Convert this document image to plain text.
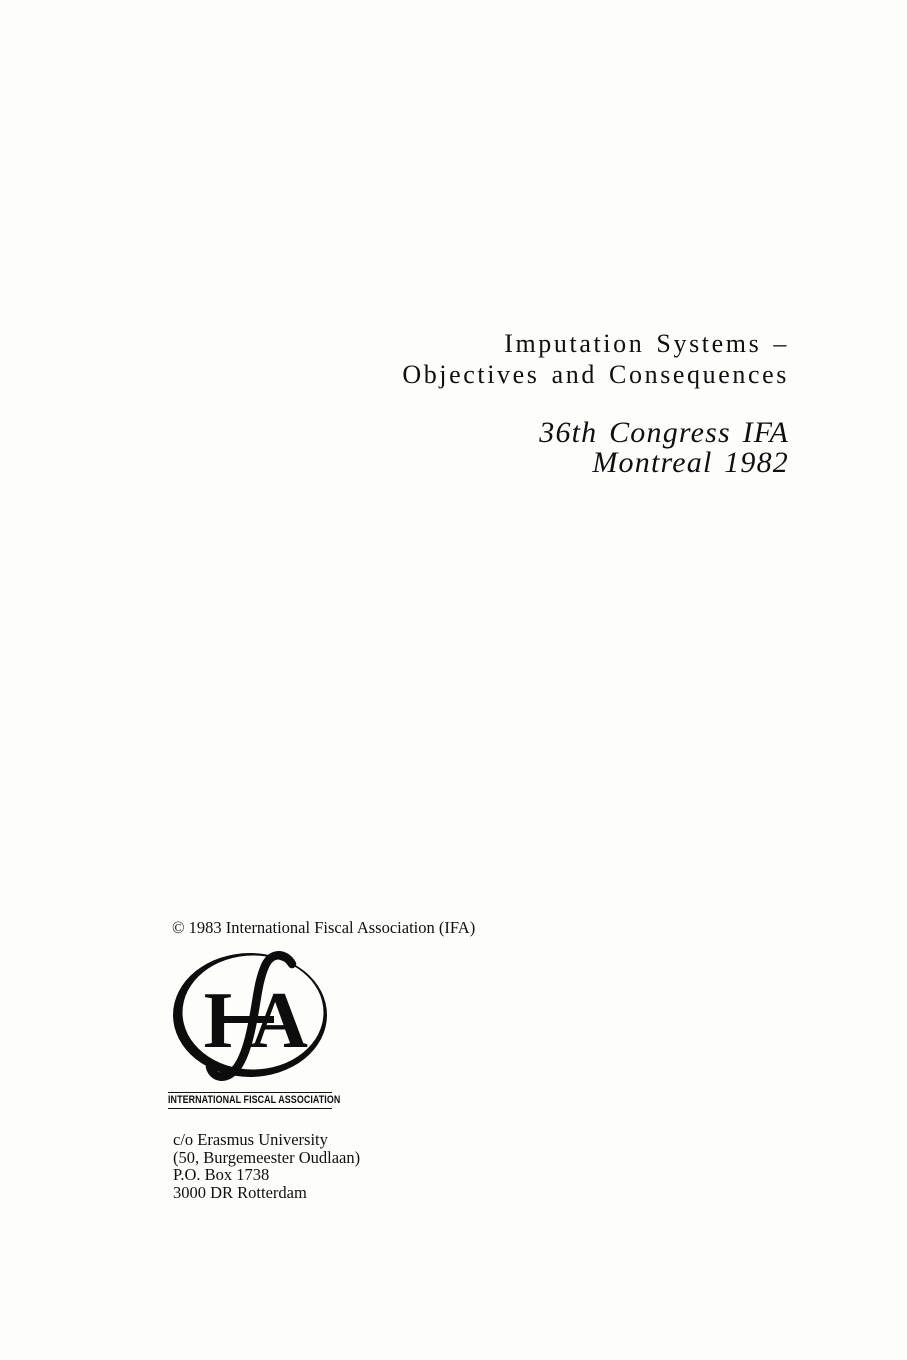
Imputation Systems –
Objectives and Consequences
36th Congress IFA
Montreal 1982
© 1983 International Fiscal Association (IFA)
I A
INTERNATIONAL FISCAL ASSOCIATION
c/o Erasmus University
(50, Burgemeester Oudlaan)
P.O. Box 1738
3000 DR Rotterdam
